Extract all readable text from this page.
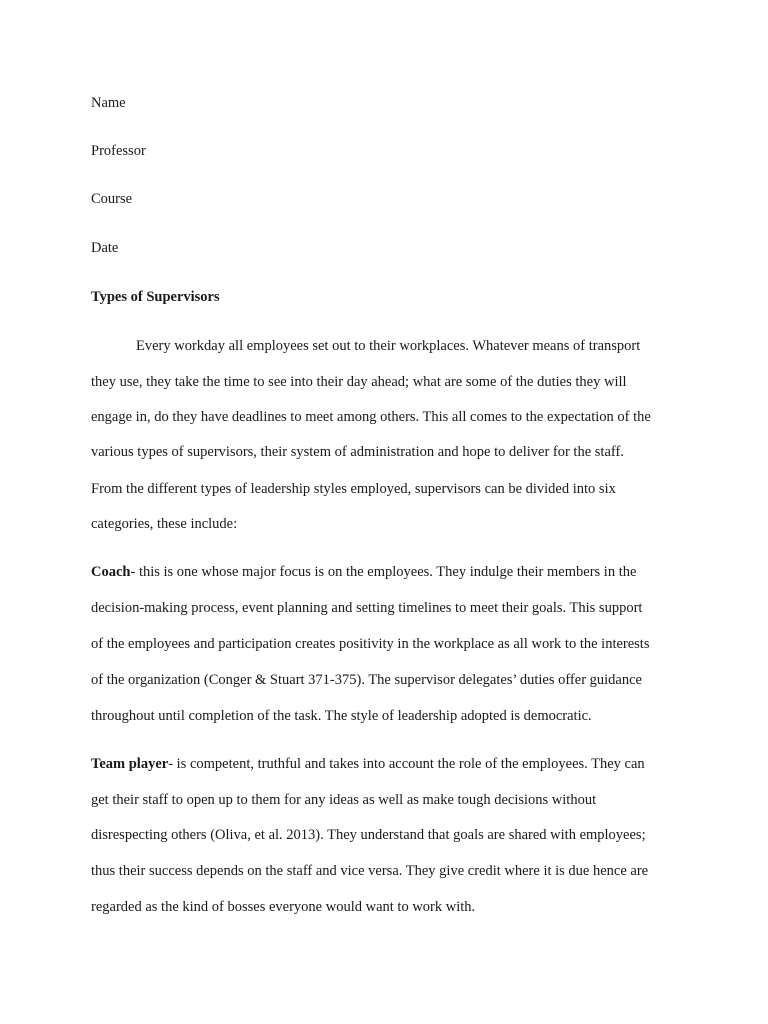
Name

Professor

Course

Date

Types of Supervisors

Every workday all employees set out to their workplaces. Whatever means of transport

they use, they take the time to see into their day ahead; what are some of the duties they will

engage in, do they have deadlines to meet among others. This all comes to the expectation of the

various types of supervisors, their system of administration and hope to deliver for the staff.

From the different types of leadership styles employed, supervisors can be divided into six

categories, these include:

Coach- this is one whose major focus is on the employees. They indulge their members in the

decision-making process, event planning and setting timelines to meet their goals. This support

of the employees and participation creates positivity in the workplace as all work to the interests

of the organization (Conger & Stuart 371-375). The supervisor delegates’ duties offer guidance

throughout until completion of the task. The style of leadership adopted is democratic.

Team player- is competent, truthful and takes into account the role of the employees. They can

get their staff to open up to them for any ideas as well as make tough decisions without

disrespecting others (Oliva, et al. 2013). They understand that goals are shared with employees;

thus their success depends on the staff and vice versa. They give credit where it is due hence are

regarded as the kind of bosses everyone would want to work with.
